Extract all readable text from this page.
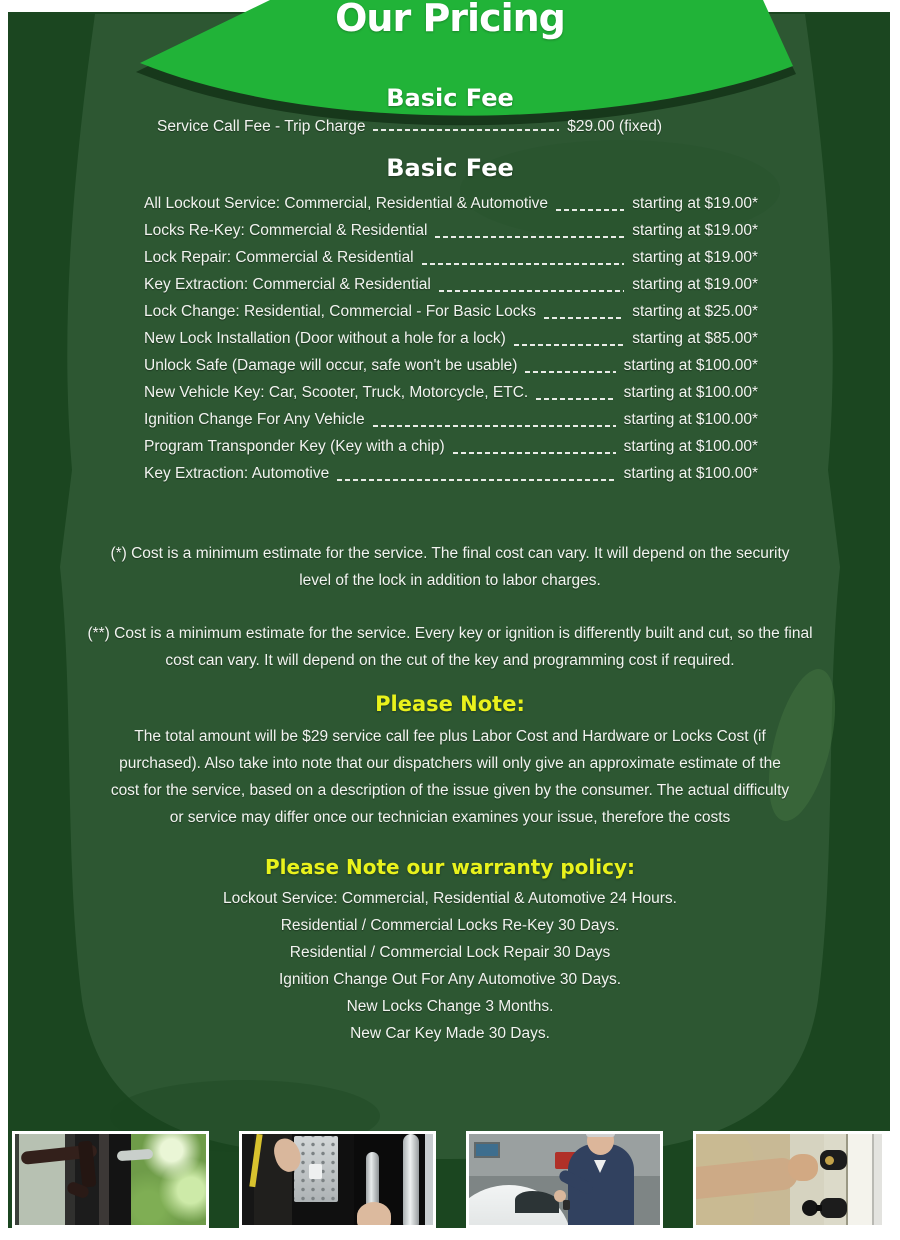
Our Pricing
Basic Fee
Service Call Fee - Trip Charge	$29.00 (fixed)
Basic Fee
All Lockout Service: Commercial, Residential & Automotive	starting at $19.00*
Locks Re-Key: Commercial & Residential	starting at $19.00*
Lock Repair: Commercial & Residential	starting at $19.00*
Key Extraction: Commercial & Residential	starting at $19.00*
Lock Change: Residential, Commercial - For Basic Locks	starting at $25.00*
New Lock Installation (Door without a hole for a lock)	starting at $85.00*
Unlock Safe (Damage will occur, safe won't be usable)	starting at $100.00*
New Vehicle Key: Car, Scooter, Truck, Motorcycle, ETC.	starting at $100.00*
Ignition Change For Any Vehicle	starting at $100.00*
Program Transponder Key (Key with a chip)	starting at $100.00*
Key Extraction: Automotive	starting at $100.00*
(*) Cost is a minimum estimate for the service. The final cost can vary. It will depend on the security level of the lock in addition to labor charges.
(**) Cost is a minimum estimate for the service. Every key or ignition is differently built and cut, so the final cost can vary. It will depend on the cut of the key and programming cost if required.
Please Note:
The total amount will be $29 service call fee plus Labor Cost and Hardware or Locks Cost (if purchased). Also take into note that our dispatchers will only give an approximate estimate of the cost for the service, based on a description of the issue given by the consumer. The actual difficulty or service may differ once our technician examines your issue, therefore the costs
Please Note our warranty policy:
Lockout Service: Commercial, Residential & Automotive 24 Hours.
Residential / Commercial Locks Re-Key 30 Days.
Residential / Commercial Lock Repair 30 Days
Ignition Change Out For Any Automotive 30 Days.
New Locks Change 3 Months.
New Car Key Made 30 Days.
